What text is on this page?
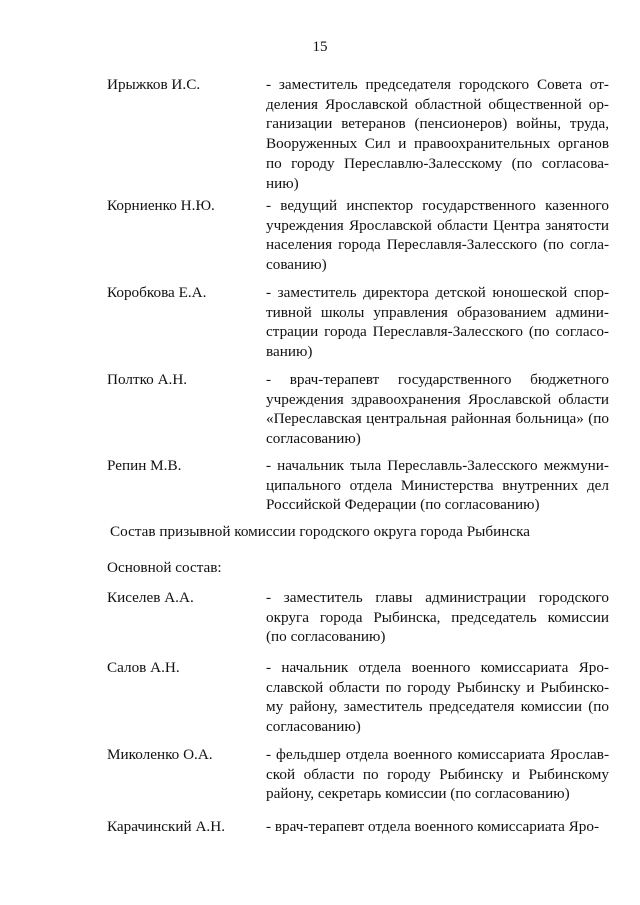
15
Ирыжков И.С.	- заместитель председателя городского Совета от-
деления Ярославской областной общественной ор-
ганизации ветеранов (пенсионеров) войны, труда,
Вооруженных Сил и правоохранительных органов
по городу Переславлю-Залесскому (по согласова-
нию)
Корниенко Н.Ю.	- ведущий инспектор государственного казенного
учреждения Ярославской области Центра занятости
населения города Переславля-Залесского (по согла-
сованию)
Коробкова Е.А.	- заместитель директора детской юношеской спор-
тивной школы управления образованием админи-
страции города Переславля-Залесского (по согласо-
ванию)
Полтко А.Н.	- врач-терапевт государственного бюджетного
учреждения здравоохранения Ярославской области
«Переславская центральная районная больница» (по
согласованию)
Репин М.В.	- начальник тыла Переславль-Залесского межмуни-
ципального отдела Министерства внутренних дел
Российской Федерации (по согласованию)
Состав призывной комиссии городского округа города Рыбинска
Основной состав:
Киселев А.А.	- заместитель главы администрации городского
округа города Рыбинска, председатель комиссии
(по согласованию)
Салов А.Н.	- начальник отдела военного комиссариата Яро-
славской области по городу Рыбинску и Рыбинско-
му району, заместитель председателя комиссии (по
согласованию)
Миколенко О.А.	- фельдшер отдела военного комиссариата Ярослав-
ской области по городу Рыбинску и Рыбинскому
району, секретарь комиссии (по согласованию)
Карачинский А.Н.	- врач-терапевт отдела военного комиссариата Яро-
